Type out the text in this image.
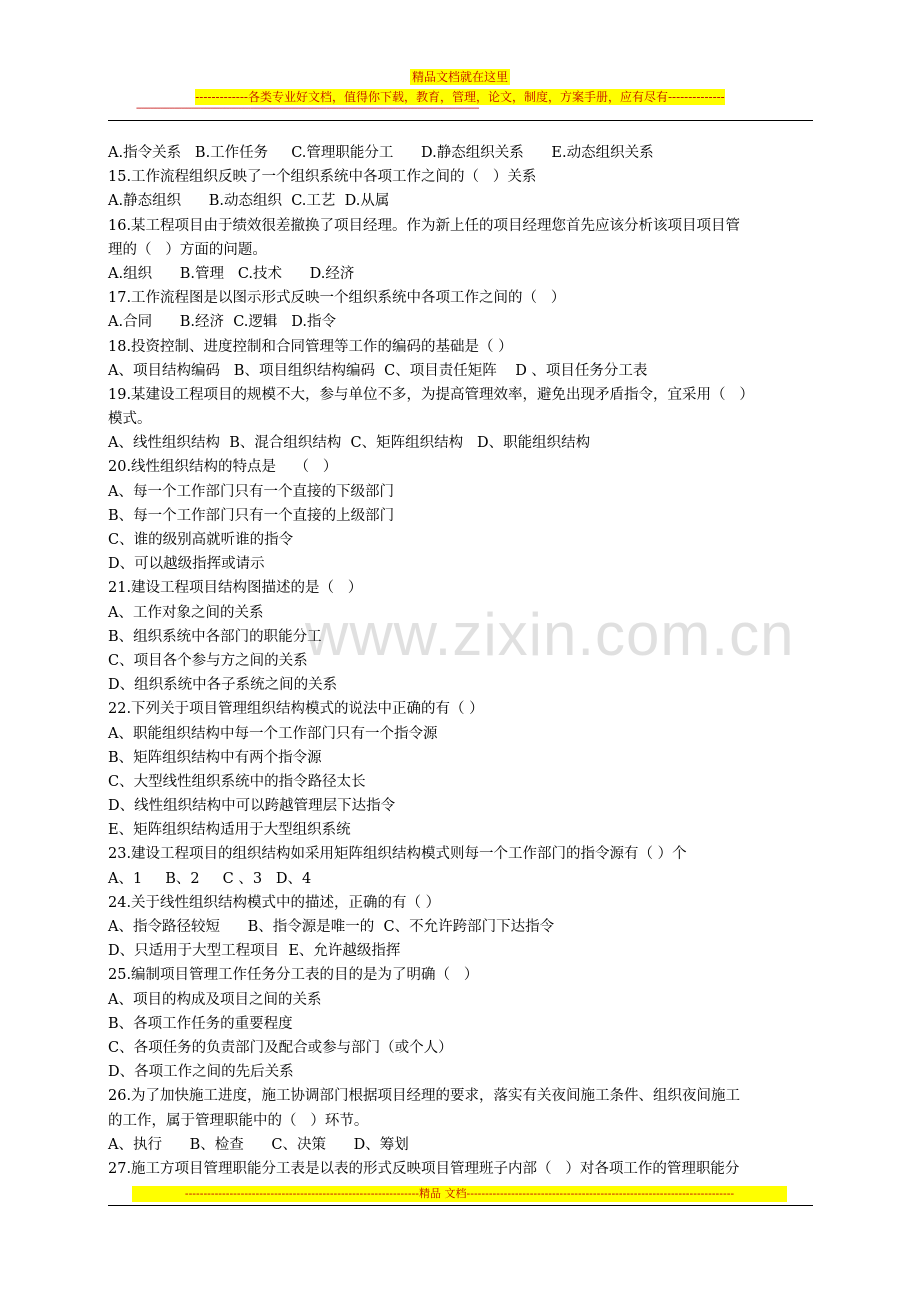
精品文档就在这里
-------------各类专业好文档，值得你下载，教育，管理，论文，制度，方案手册，应有尽有--------------
------------------------------------------------------------------------------------------------------------------------------------------------
www.zixin.com.cn
A.指令关系   B.工作任务     C.管理职能分工      D.静态组织关系      E.动态组织关系
15.工作流程组织反映了一个组织系统中各项工作之间的（   ）关系
A.静态组织      B.动态组织  C.工艺  D.从属
16.某工程项目由于绩效很差撤换了项目经理。作为新上任的项目经理您首先应该分析该项目项目管
理的（   ）方面的问题。
A.组织      B.管理   C.技术      D.经济
17.工作流程图是以图示形式反映一个组织系统中各项工作之间的（   ）
A.合同      B.经济  C.逻辑   D.指令
18.投资控制、进度控制和合同管理等工作的编码的基础是（ ）
A、项目结构编码   B、项目组织结构编码  C、项目责任矩阵    D 、项目任务分工表
19.某建设工程项目的规模不大，参与单位不多，为提高管理效率，避免出现矛盾指令，宜采用（   ）
模式。
A、线性组织结构  B、混合组织结构  C、矩阵组织结构   D、职能组织结构
20.线性组织结构的特点是    （   ）
A、每一个工作部门只有一个直接的下级部门
B、每一个工作部门只有一个直接的上级部门
C、谁的级别高就听谁的指令
D、可以越级指挥或请示
21.建设工程项目结构图描述的是（   ）
A、工作对象之间的关系
B、组织系统中各部门的职能分工
C、项目各个参与方之间的关系
D、组织系统中各子系统之间的关系
22.下列关于项目管理组织结构模式的说法中正确的有（ ）
A、职能组织结构中每一个工作部门只有一个指令源
B、矩阵组织结构中有两个指令源
C、大型线性组织系统中的指令路径太长
D、线性组织结构中可以跨越管理层下达指令
E、矩阵组织结构适用于大型组织系统
23.建设工程项目的组织结构如采用矩阵组织结构模式则每一个工作部门的指令源有（ ）个
A、1     B、2     C 、3   D、4
24.关于线性组织结构模式中的描述，正确的有（ ）
A、指令路径较短      B、指令源是唯一的  C、不允许跨部门下达指令
D、只适用于大型工程项目  E、允许越级指挥
25.编制项目管理工作任务分工表的目的是为了明确（   ）
A、项目的构成及项目之间的关系
B、各项工作任务的重要程度
C、各项任务的负责部门及配合或参与部门（或个人）
D、各项工作之间的先后关系
26.为了加快施工进度，施工协调部门根据项目经理的要求，落实有关夜间施工条件、组织夜间施工
的工作，属于管理职能中的（   ）环节。
A、执行      B、检查      C、决策      D、筹划
27.施工方项目管理职能分工表是以表的形式反映项目管理班子内部（   ）对各项工作的管理职能分
---------------------------------------------------------------精品 文档------------------------------------------------------------------------
